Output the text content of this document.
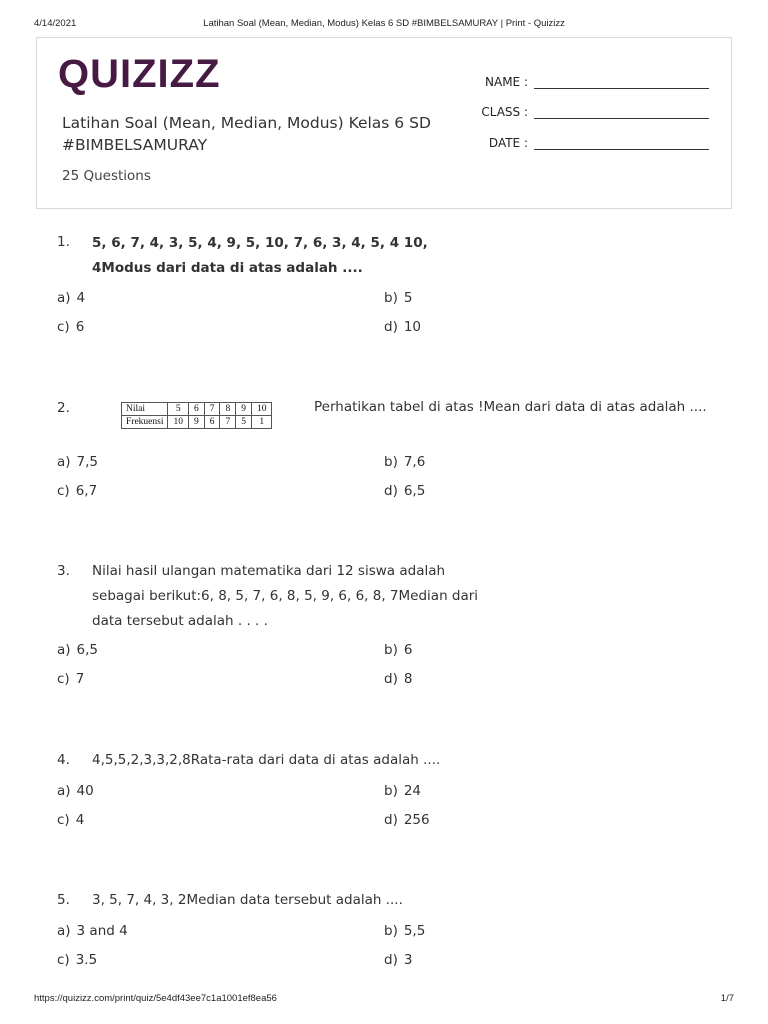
4/14/2021	Latihan Soal (Mean, Median, Modus) Kelas 6 SD #BIMBELSAMURAY | Print - Quizizz
QUIZIZZ
Latihan Soal (Mean, Median, Modus) Kelas 6 SD #BIMBELSAMURAY
25 Questions
NAME :
CLASS :
DATE :
1. 5, 6, 7, 4, 3, 5, 4, 9, 5, 10, 7, 6, 3, 4, 5, 4 10, 4Modus dari data di atas adalah ....
a) 4	b) 5
c) 6	d) 10
2.	Nilai	5	6	7	8	9	10
Frekuensi	10	9	6	7	5	1
Perhatikan tabel di atas !Mean dari data di atas adalah ....
a) 7,5	b) 7,6
c) 6,7	d) 6,5
3. Nilai hasil ulangan matematika dari 12 siswa adalah sebagai berikut:6, 8, 5, 7, 6, 8, 5, 9, 6, 6, 8, 7Median dari data tersebut adalah . . . .
a) 6,5	b) 6
c) 7	d) 8
4. 4,5,5,2,3,3,2,8Rata-rata dari data di atas adalah ....
a) 40	b) 24
c) 4	d) 256
5. 3, 5, 7, 4, 3, 2Median data tersebut adalah ....
a) 3 and 4	b) 5,5
c) 3.5	d) 3
https://quizizz.com/print/quiz/5e4df43ee7c1a1001ef8ea56	1/7
